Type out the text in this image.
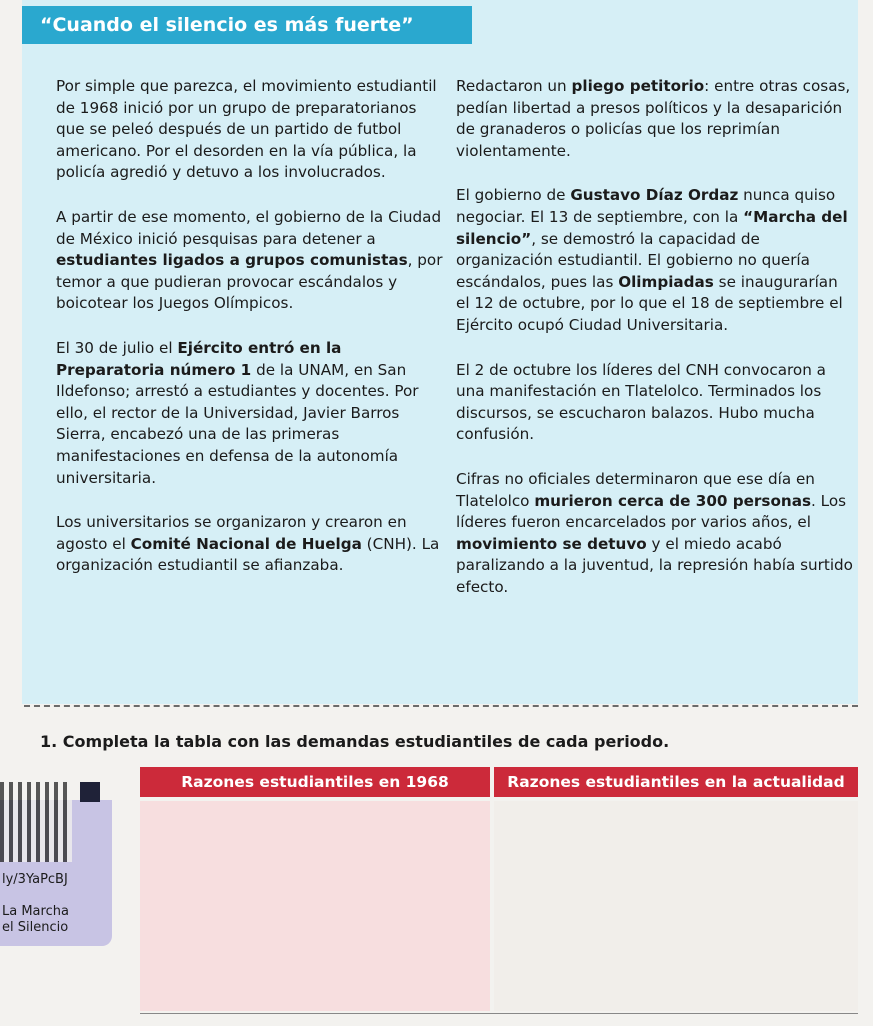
“Cuando el silencio es más fuerte”

Por simple que parezca, el movimiento estudiantil de 1968 inició por un grupo de preparatorianos que se peleó después de un partido de futbol americano. Por el desorden en la vía pública, la policía agredió y detuvo a los involucrados.

A partir de ese momento, el gobierno de la Ciudad de México inició pesquisas para detener a estudiantes ligados a grupos comunistas, por temor a que pudieran provocar escándalos y boicotear los Juegos Olímpicos.

El 30 de julio el Ejército entró en la Preparatoria número 1 de la UNAM, en San Ildefonso; arrestó a estudiantes y docentes. Por ello, el rector de la Universidad, Javier Barros Sierra, encabezó una de las primeras manifestaciones en defensa de la autonomía universitaria.

Los universitarios se organizaron y crearon en agosto el Comité Nacional de Huelga (CNH). La organización estudiantil se afianzaba.

Redactaron un pliego petitorio: entre otras cosas, pedían libertad a presos políticos y la desaparición de granaderos o policías que los reprimían violentamente.

El gobierno de Gustavo Díaz Ordaz nunca quiso negociar. El 13 de septiembre, con la “Marcha del silencio”, se demostró la capacidad de organización estudiantil. El gobierno no quería escándalos, pues las Olimpiadas se inaugurarían el 12 de octubre, por lo que el 18 de septiembre el Ejército ocupó Ciudad Universitaria.

El 2 de octubre los líderes del CNH convocaron a una manifestación en Tlatelolco. Terminados los discursos, se escucharon balazos. Hubo mucha confusión.

Cifras no oficiales determinaron que ese día en Tlatelolco murieron cerca de 300 personas. Los líderes fueron encarcelados por varios años, el movimiento se detuvo y el miedo acabó paralizando a la juventud, la represión había surtido efecto.

1. Completa la tabla con las demandas estudiantiles de cada periodo.
ly/3YaPcBJ
La Marcha
el Silencio
Razones estudiantiles en 1968	Razones estudiantiles en la actualidad
